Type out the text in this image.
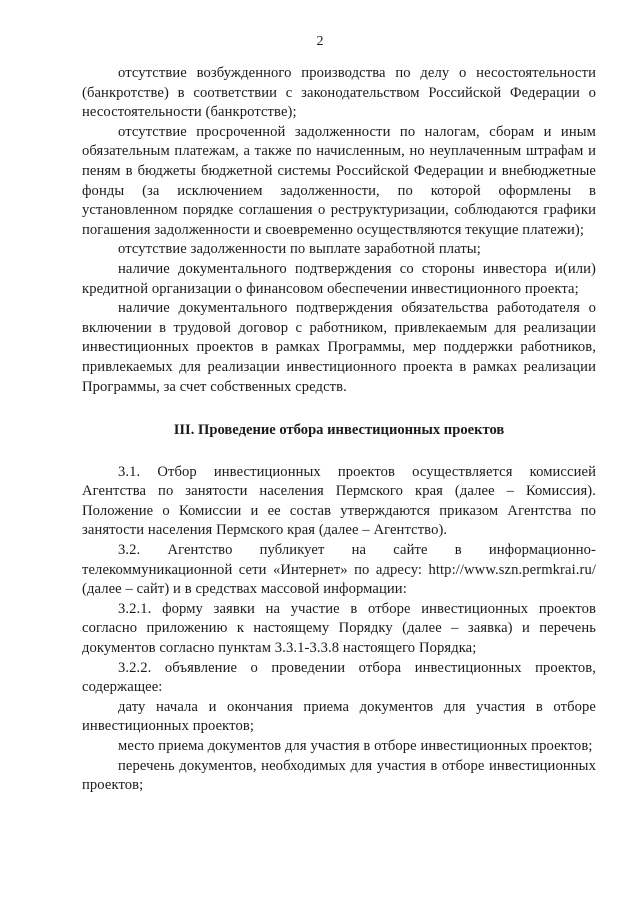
2

отсутствие возбужденного производства по делу о несостоятельности (банкротстве) в соответствии с законодательством Российской Федерации о несостоятельности (банкротстве);

отсутствие просроченной задолженности по налогам, сборам и иным обязательным платежам, а также по начисленным, но неуплаченным штрафам и пеням в бюджеты бюджетной системы Российской Федерации и внебюджетные фонды (за исключением задолженности, по которой оформлены в установленном порядке соглашения о реструктуризации, соблюдаются графики погашения задолженности и своевременно осуществляются текущие платежи);

отсутствие задолженности по выплате заработной платы;

наличие документального подтверждения со стороны инвестора и(или) кредитной организации о финансовом обеспечении инвестиционного проекта;

наличие документального подтверждения обязательства работодателя о включении в трудовой договор с работником, привлекаемым для реализации инвестиционных проектов в рамках Программы, мер поддержки работников, привлекаемых для реализации инвестиционного проекта в рамках реализации Программы, за счет собственных средств.

III. Проведение отбора инвестиционных проектов

3.1. Отбор инвестиционных проектов осуществляется комиссией Агентства по занятости населения Пермского края (далее – Комиссия). Положение о Комиссии и ее состав утверждаются приказом Агентства по занятости населения Пермского края (далее – Агентство).

3.2. Агентство публикует на сайте в информационно-телекоммуникационной сети «Интернет» по адресу: http://www.szn.permkrai.ru/ (далее – сайт) и в средствах массовой информации:

3.2.1. форму заявки на участие в отборе инвестиционных проектов согласно приложению к настоящему Порядку (далее – заявка) и перечень документов согласно пунктам 3.3.1-3.3.8 настоящего Порядка;

3.2.2. объявление о проведении отбора инвестиционных проектов, содержащее:

дату начала и окончания приема документов для участия в отборе инвестиционных проектов;

место приема документов для участия в отборе инвестиционных проектов;

перечень документов, необходимых для участия в отборе инвестиционных проектов;
